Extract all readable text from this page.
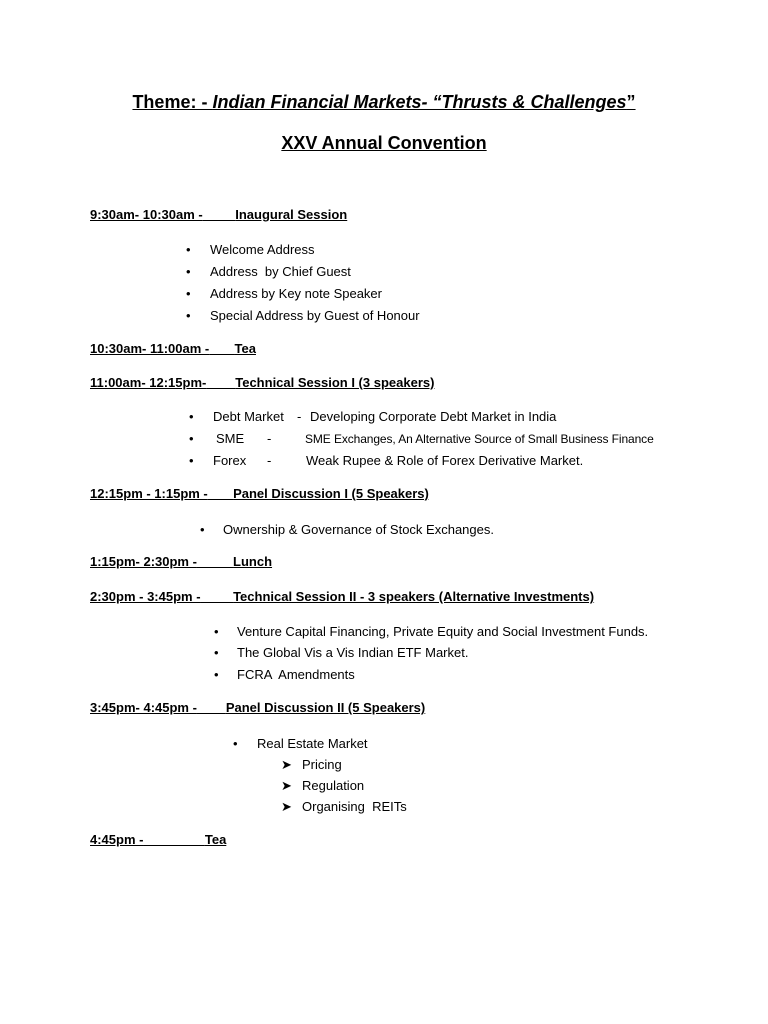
Theme: - Indian Financial Markets- “Thrusts & Challenges”
XXV Annual Convention
9:30am- 10:30am -	Inaugural Session
• Welcome Address
• Address  by Chief Guest
• Address by Key note Speaker
• Special Address by Guest of Honour
10:30am- 11:00am - Tea
11:00am- 12:15pm- Technical Session I (3 speakers)
• Debt Market - Developing Corporate Debt Market in India
• SME -	SME Exchanges, An Alternative Source of Small Business Finance
• Forex -	Weak Rupee & Role of Forex Derivative Market.
12:15pm - 1:15pm - Panel Discussion I (5 Speakers)
• Ownership & Governance of Stock Exchanges.
1:15pm- 2:30pm -	Lunch
2:30pm - 3:45pm -	Technical Session II - 3 speakers (Alternative Investments)
• Venture Capital Financing, Private Equity and Social Investment Funds.
• The Global Vis a Vis Indian ETF Market.
• FCRA  Amendments
3:45pm- 4:45pm - Panel Discussion II (5 Speakers)
• Real Estate Market
➤ Pricing
➤ Regulation
➤ Organising  REITs
4:45pm -	Tea
